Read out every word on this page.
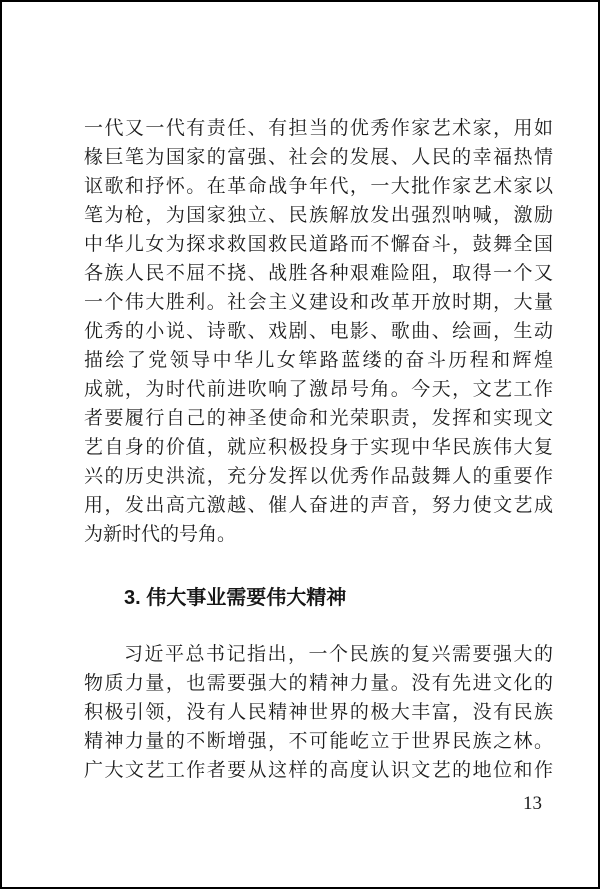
一代又一代有责任、有担当的优秀作家艺术家，用如
椽巨笔为国家的富强、社会的发展、人民的幸福热情
讴歌和抒怀。在革命战争年代，一大批作家艺术家以
笔为枪，为国家独立、民族解放发出强烈呐喊，激励
中华儿女为探求救国救民道路而不懈奋斗，鼓舞全国
各族人民不屈不挠、战胜各种艰难险阻，取得一个又
一个伟大胜利。社会主义建设和改革开放时期，大量
优秀的小说、诗歌、戏剧、电影、歌曲、绘画，生动
描绘了党领导中华儿女筚路蓝缕的奋斗历程和辉煌
成就，为时代前进吹响了激昂号角。今天，文艺工作
者要履行自己的神圣使命和光荣职责，发挥和实现文
艺自身的价值，就应积极投身于实现中华民族伟大复
兴的历史洪流，充分发挥以优秀作品鼓舞人的重要作
用，发出高亢激越、催人奋进的声音，努力使文艺成
为新时代的号角。
3. 伟大事业需要伟大精神
习近平总书记指出，一个民族的复兴需要强大的
物质力量，也需要强大的精神力量。没有先进文化的
积极引领，没有人民精神世界的极大丰富，没有民族
精神力量的不断增强，不可能屹立于世界民族之林。
广大文艺工作者要从这样的高度认识文艺的地位和作
13
